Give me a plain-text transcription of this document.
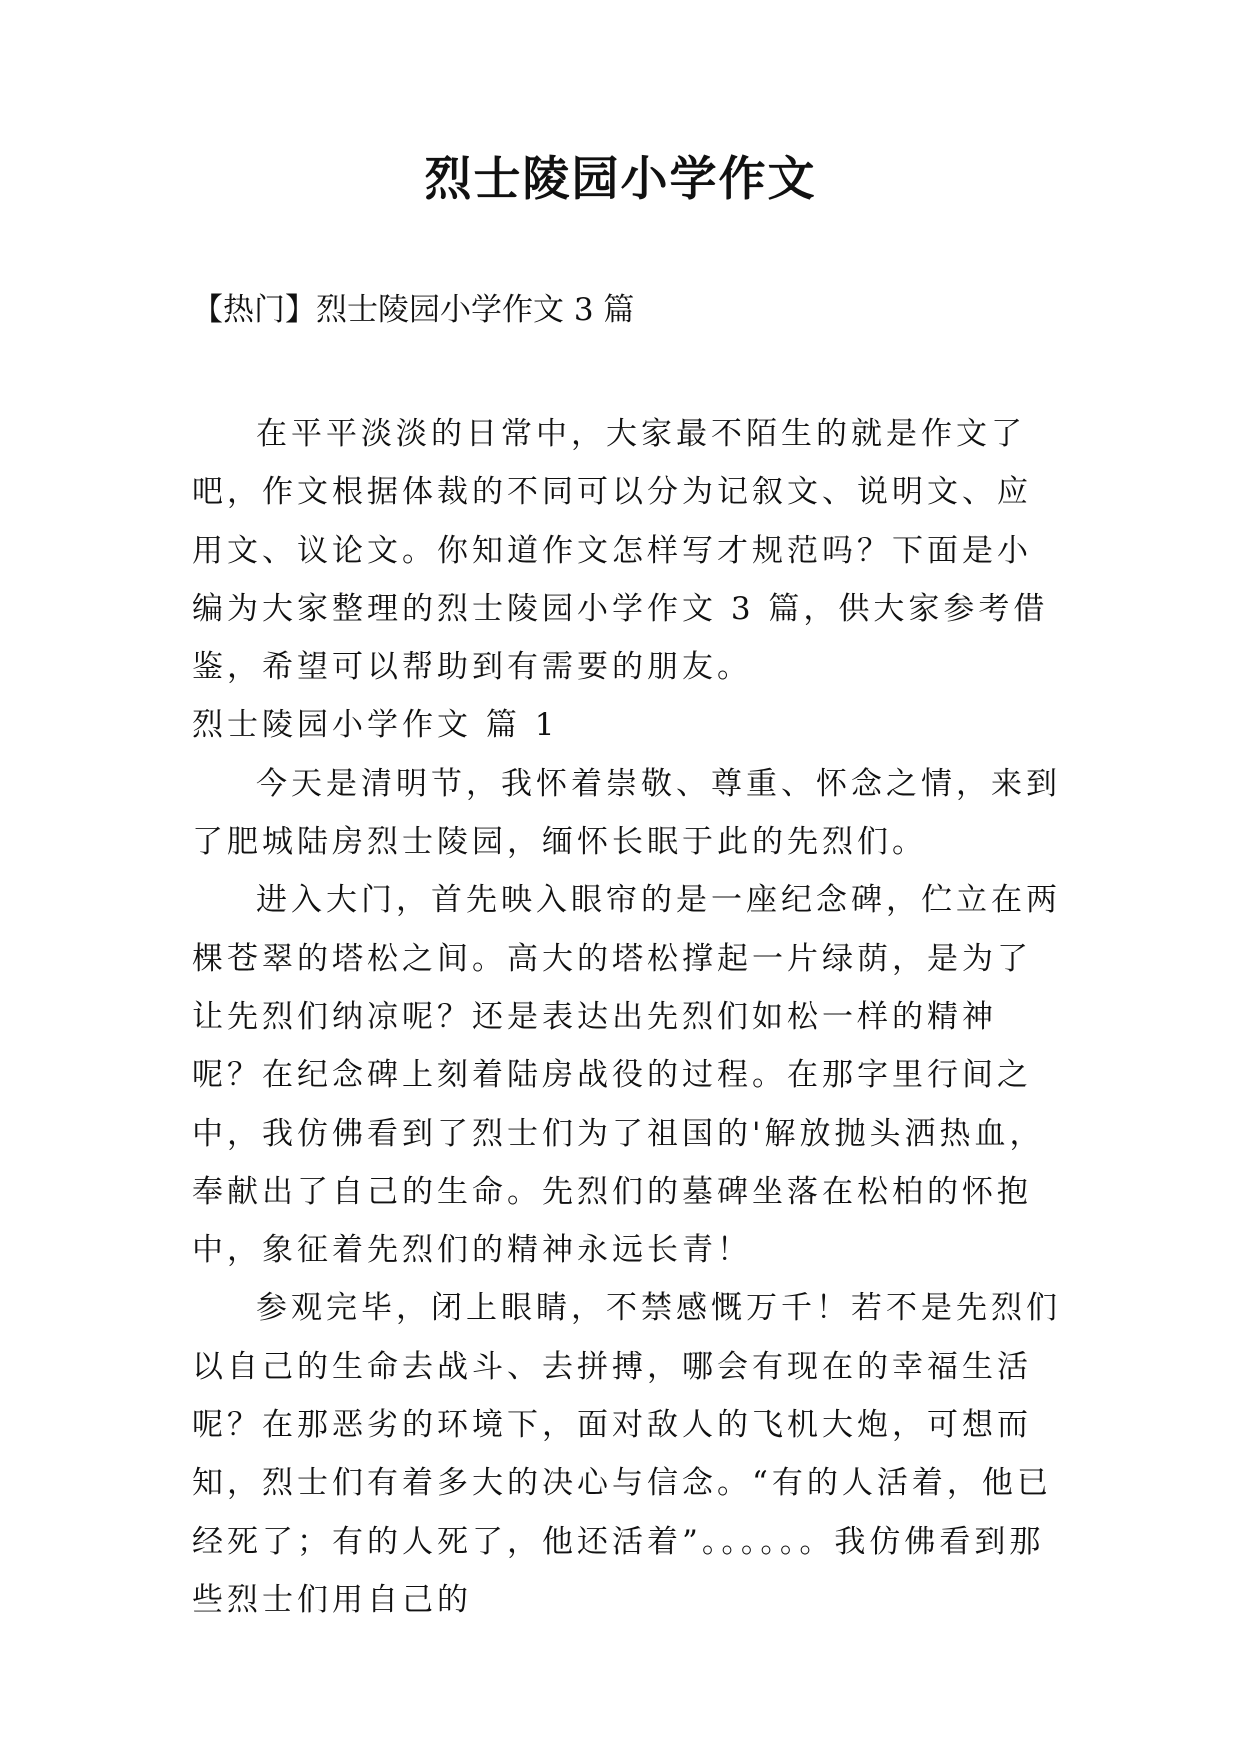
烈士陵园小学作文
【热门】烈士陵园小学作文 3 篇

在平平淡淡的日常中，大家最不陌生的就是作文了吧，作文根据体裁的不同可以分为记叙文、说明文、应用文、议论文。你知道作文怎样写才规范吗？下面是小编为大家整理的烈士陵园小学作文 3 篇，供大家参考借鉴，希望可以帮助到有需要的朋友。

烈士陵园小学作文 篇 1

今天是清明节，我怀着崇敬、尊重、怀念之情，来到了肥城陆房烈士陵园，缅怀长眠于此的先烈们。

进入大门，首先映入眼帘的是一座纪念碑，伫立在两棵苍翠的塔松之间。高大的塔松撑起一片绿荫，是为了让先烈们纳凉呢？还是表达出先烈们如松一样的精神呢？在纪念碑上刻着陆房战役的过程。在那字里行间之中，我仿佛看到了烈士们为了祖国的'解放抛头洒热血，奉献出了自己的生命。先烈们的墓碑坐落在松柏的怀抱中，象征着先烈们的精神永远长青！

参观完毕，闭上眼睛，不禁感慨万千！若不是先烈们以自己的生命去战斗、去拼搏，哪会有现在的幸福生活呢？在那恶劣的环境下，面对敌人的飞机大炮，可想而知，烈士们有着多大的决心与信念。“有的人活着，他已经死了；有的人死了，他还活着”。。。。。。我仿佛看到那些烈士们用自己的
